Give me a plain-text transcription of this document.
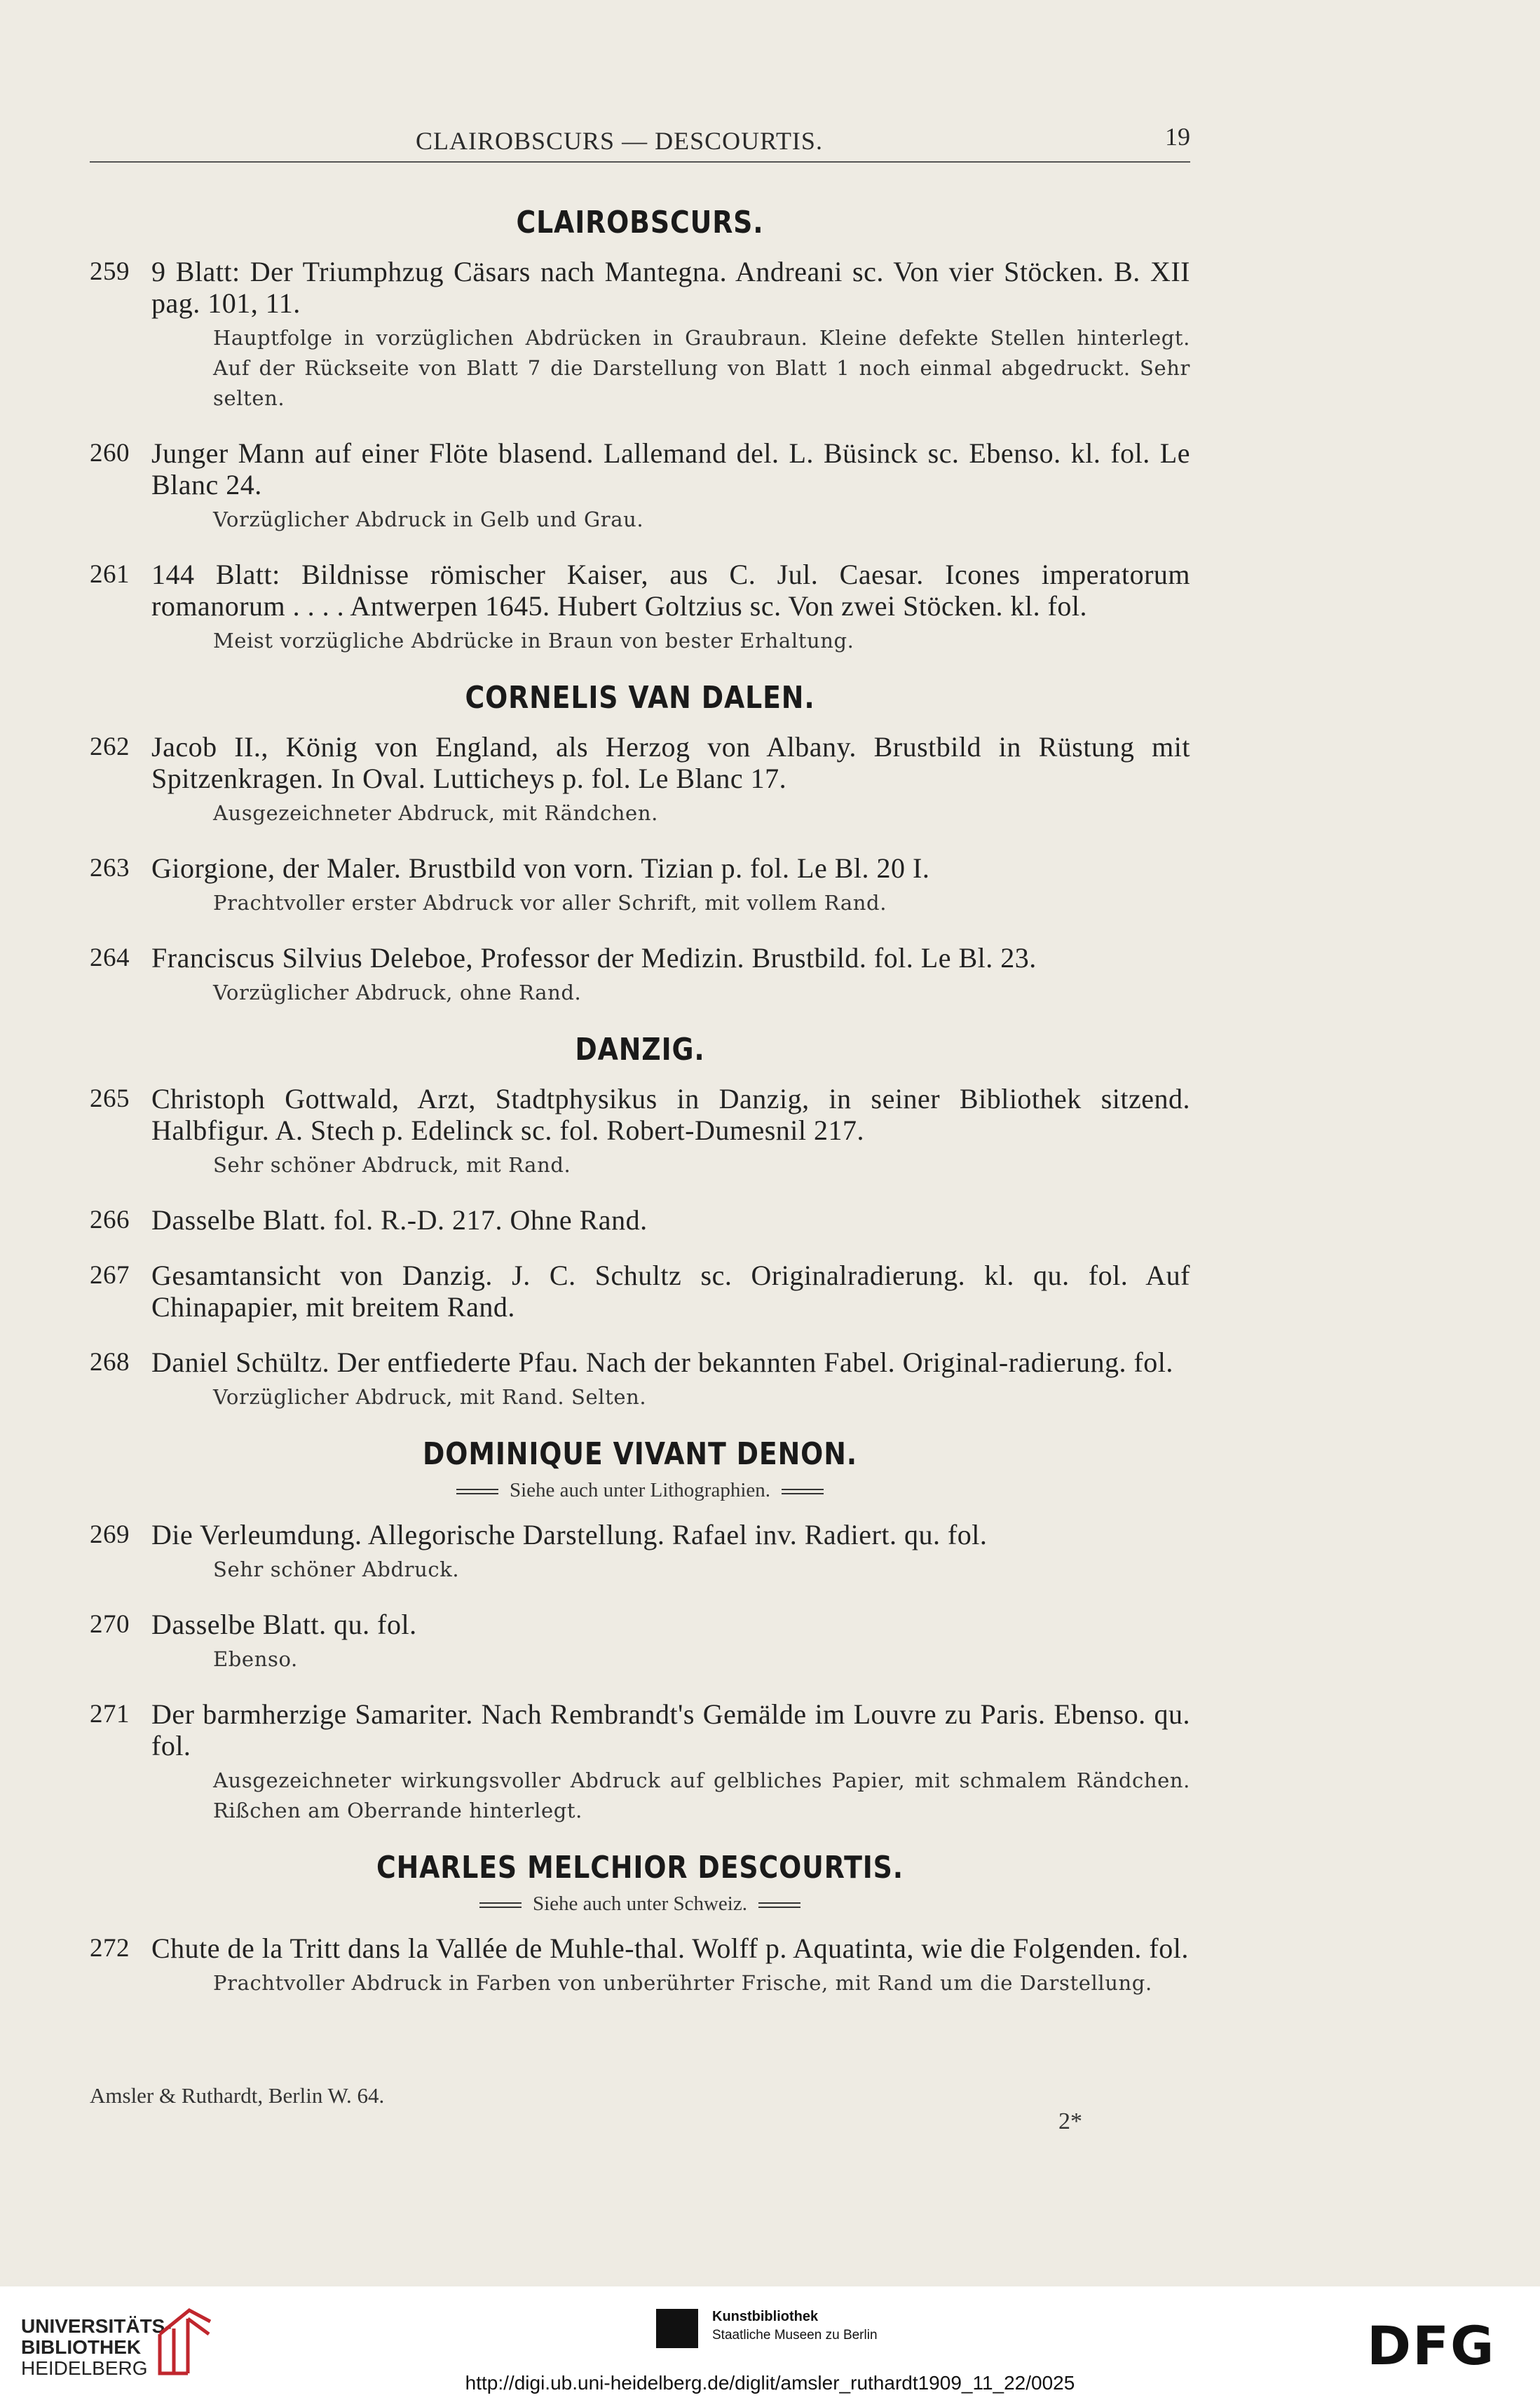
CLAIROBSCURS — DESCOURTIS.	19
CLAIROBSCURS.
259 9 Blatt: Der Triumphzug Cäsars nach Mantegna. Andreani sc. Von vier Stöcken. B. XII pag. 101, 11.
Hauptfolge in vorzüglichen Abdrücken in Graubraun. Kleine defekte Stellen hinterlegt. Auf der Rückseite von Blatt 7 die Darstellung von Blatt 1 noch einmal abgedruckt. Sehr selten.
260 Junger Mann auf einer Flöte blasend. Lallemand del. L. Büsinck sc. Ebenso. kl. fol. Le Blanc 24.
Vorzüglicher Abdruck in Gelb und Grau.
261 144 Blatt: Bildnisse römischer Kaiser, aus C. Jul. Caesar. Icones imperatorum romanorum . . . . Antwerpen 1645. Hubert Goltzius sc. Von zwei Stöcken. kl. fol.
Meist vorzügliche Abdrücke in Braun von bester Erhaltung.
CORNELIS VAN DALEN.
262 Jacob II., König von England, als Herzog von Albany. Brustbild in Rüstung mit Spitzenkragen. In Oval. Lutticheys p. fol. Le Blanc 17.
Ausgezeichneter Abdruck, mit Rändchen.
263 Giorgione, der Maler. Brustbild von vorn. Tizian p. fol. Le Bl. 20 I.
Prachtvoller erster Abdruck vor aller Schrift, mit vollem Rand.
264 Franciscus Silvius Deleboe, Professor der Medizin. Brustbild. fol. Le Bl. 23.
Vorzüglicher Abdruck, ohne Rand.
DANZIG.
265 Christoph Gottwald, Arzt, Stadtphysikus in Danzig, in seiner Bibliothek sitzend. Halbfigur. A. Stech p. Edelinck sc. fol. Robert-Dumesnil 217.
Sehr schöner Abdruck, mit Rand.
266 Dasselbe Blatt. fol. R.-D. 217. Ohne Rand.
267 Gesamtansicht von Danzig. J. C. Schultz sc. Originalradierung. kl. qu. fol. Auf Chinapapier, mit breitem Rand.
268 Daniel Schültz. Der entfiederte Pfau. Nach der bekannten Fabel. Original-radierung. fol.
Vorzüglicher Abdruck, mit Rand. Selten.
DOMINIQUE VIVANT DENON.
Siehe auch unter Lithographien.
269 Die Verleumdung. Allegorische Darstellung. Rafael inv. Radiert. qu. fol.
Sehr schöner Abdruck.
270 Dasselbe Blatt. qu. fol.
Ebenso.
271 Der barmherzige Samariter. Nach Rembrandt's Gemälde im Louvre zu Paris. Ebenso. qu. fol.
Ausgezeichneter wirkungsvoller Abdruck auf gelbliches Papier, mit schmalem Rändchen. Rißchen am Oberrande hinterlegt.
CHARLES MELCHIOR DESCOURTIS.
Siehe auch unter Schweiz.
272 Chute de la Tritt dans la Vallée de Muhle-thal. Wolff p. Aquatinta, wie die Folgenden. fol.
Prachtvoller Abdruck in Farben von unberührter Frische, mit Rand um die Darstellung.
Amsler & Ruthardt, Berlin W. 64.
2*
UNIVERSITÄTS-
BIBLIOTHEK
HEIDELBERG
Kunstbibliothek
Staatliche Museen zu Berlin	DFG
http://digi.ub.uni-heidelberg.de/diglit/amsler_ruthardt1909_11_22/0025
